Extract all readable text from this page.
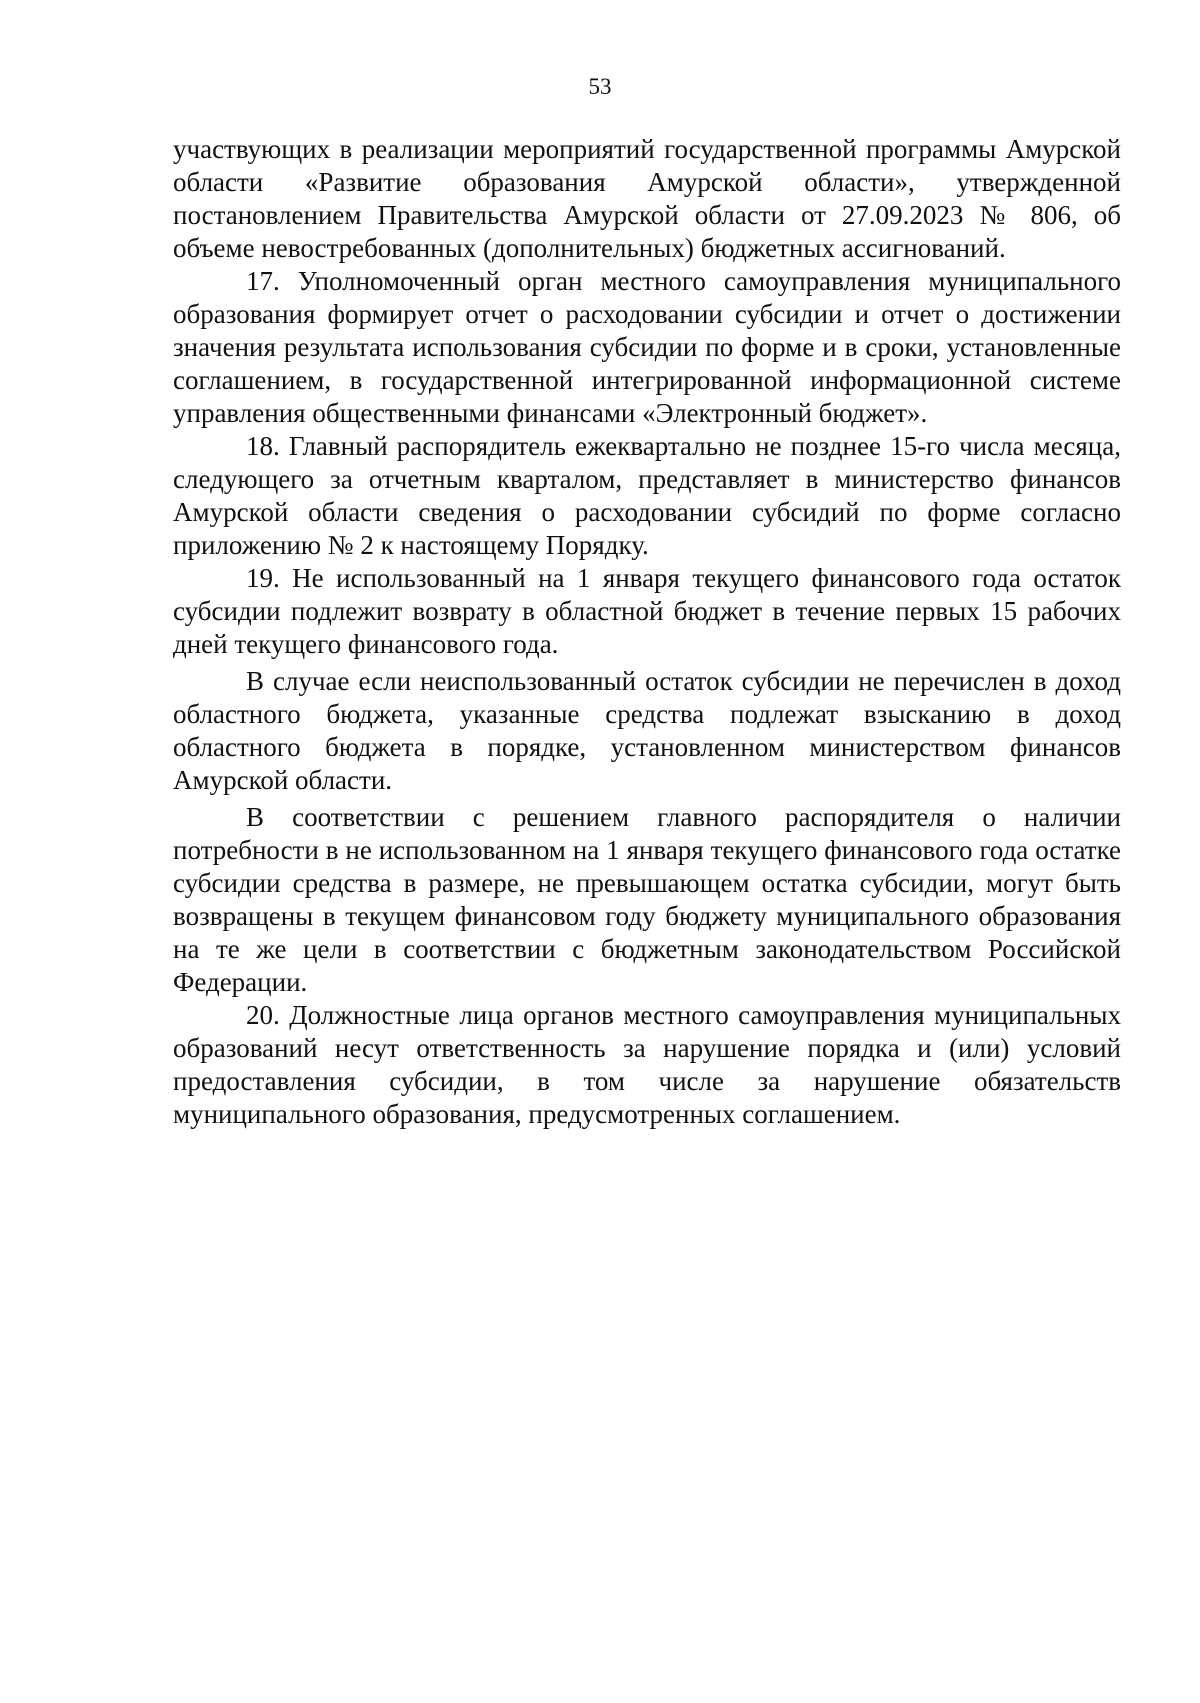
53

участвующих в реализации мероприятий государственной программы Амурской области «Развитие образования Амурской области», утвержденной постановлением Правительства Амурской области от 27.09.2023 № 806, об объеме невостребованных (дополнительных) бюджетных ассигнований.

17. Уполномоченный орган местного самоуправления муниципального образования формирует отчет о расходовании субсидии и отчет о достижении значения результата использования субсидии по форме и в сроки, установленные соглашением, в государственной интегрированной информационной системе управления общественными финансами «Электронный бюджет».

18. Главный распорядитель ежеквартально не позднее 15-го числа месяца, следующего за отчетным кварталом, представляет в министерство финансов Амурской области сведения о расходовании субсидий по форме согласно приложению № 2 к настоящему Порядку.

19. Не использованный на 1 января текущего финансового года остаток субсидии подлежит возврату в областной бюджет в течение первых 15 рабочих дней текущего финансового года.

В случае если неиспользованный остаток субсидии не перечислен в доход областного бюджета, указанные средства подлежат взысканию в доход областного бюджета в порядке, установленном министерством финансов Амурской области.

В соответствии с решением главного распорядителя о наличии потребности в не использованном на 1 января текущего финансового года остатке субсидии средства в размере, не превышающем остатка субсидии, могут быть возвращены в текущем финансовом году бюджету муниципального образования на те же цели в соответствии с бюджетным законодательством Российской Федерации.

20. Должностные лица органов местного самоуправления муниципальных образований несут ответственность за нарушение порядка и (или) условий предоставления субсидии, в том числе за нарушение обязательств муниципального образования, предусмотренных соглашением.
